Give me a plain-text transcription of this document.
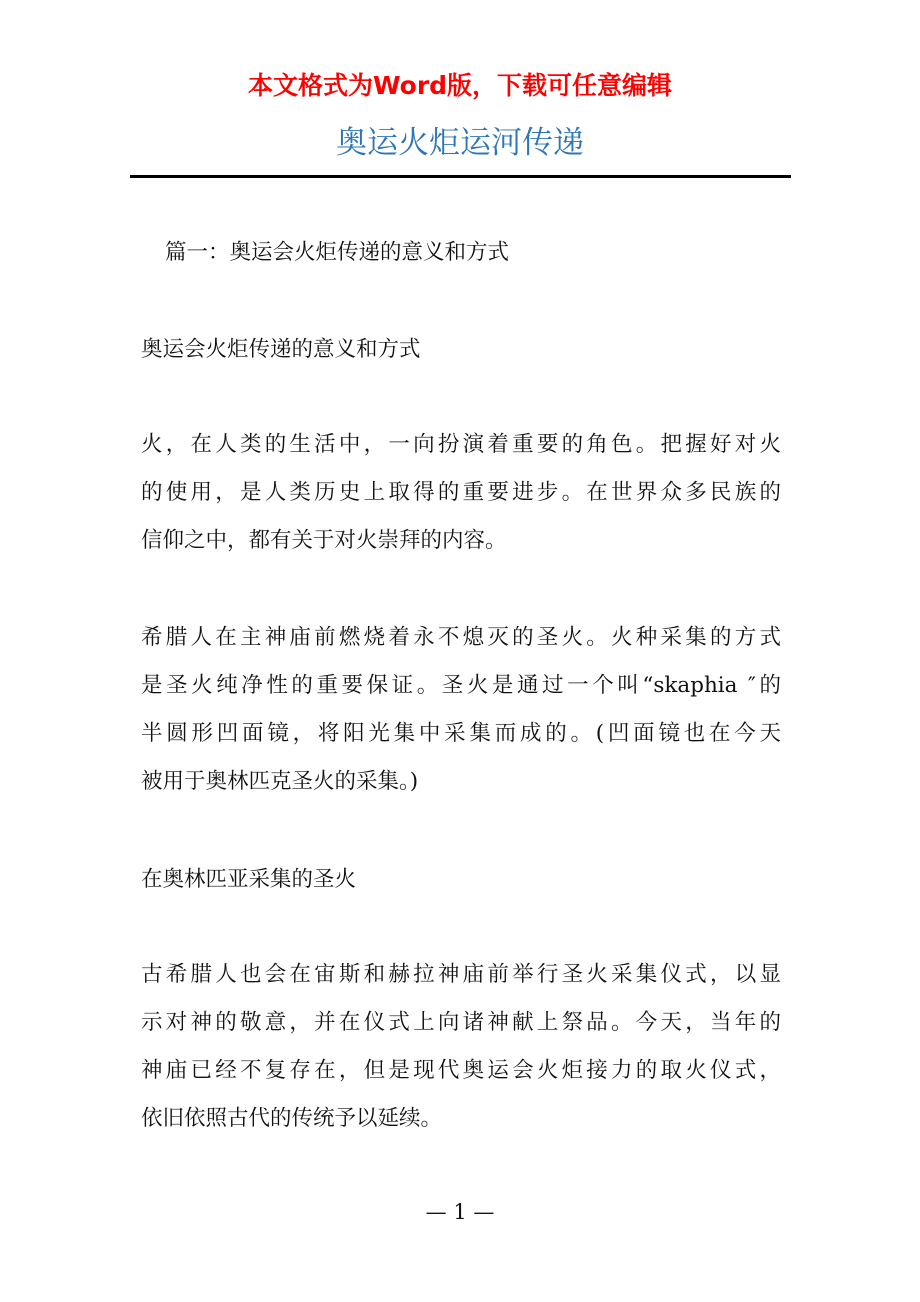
本文格式为Word版，下载可任意编辑
奥运火炬运河传递
篇一：奥运会火炬传递的意义和方式
奥运会火炬传递的意义和方式
火，在人类的生活中，一向扮演着重要的角色。把握好对火
的使用，是人类历史上取得的重要进步。在世界众多民族的
信仰之中，都有关于对火崇拜的内容。
希腊人在主神庙前燃烧着永不熄灭的圣火。火种采集的方式
是圣火纯净性的重要保证。圣火是通过一个叫“skaphia ″的
半圆形凹面镜，将阳光集中采集而成的。(凹面镜也在今天
被用于奥林匹克圣火的采集。)
在奥林匹亚采集的圣火
古希腊人也会在宙斯和赫拉神庙前举行圣火采集仪式，以显
示对神的敬意，并在仪式上向诸神献上祭品。今天，当年的
神庙已经不复存在，但是现代奥运会火炬接力的取火仪式，
依旧依照古代的传统予以延续。
— 1 —
